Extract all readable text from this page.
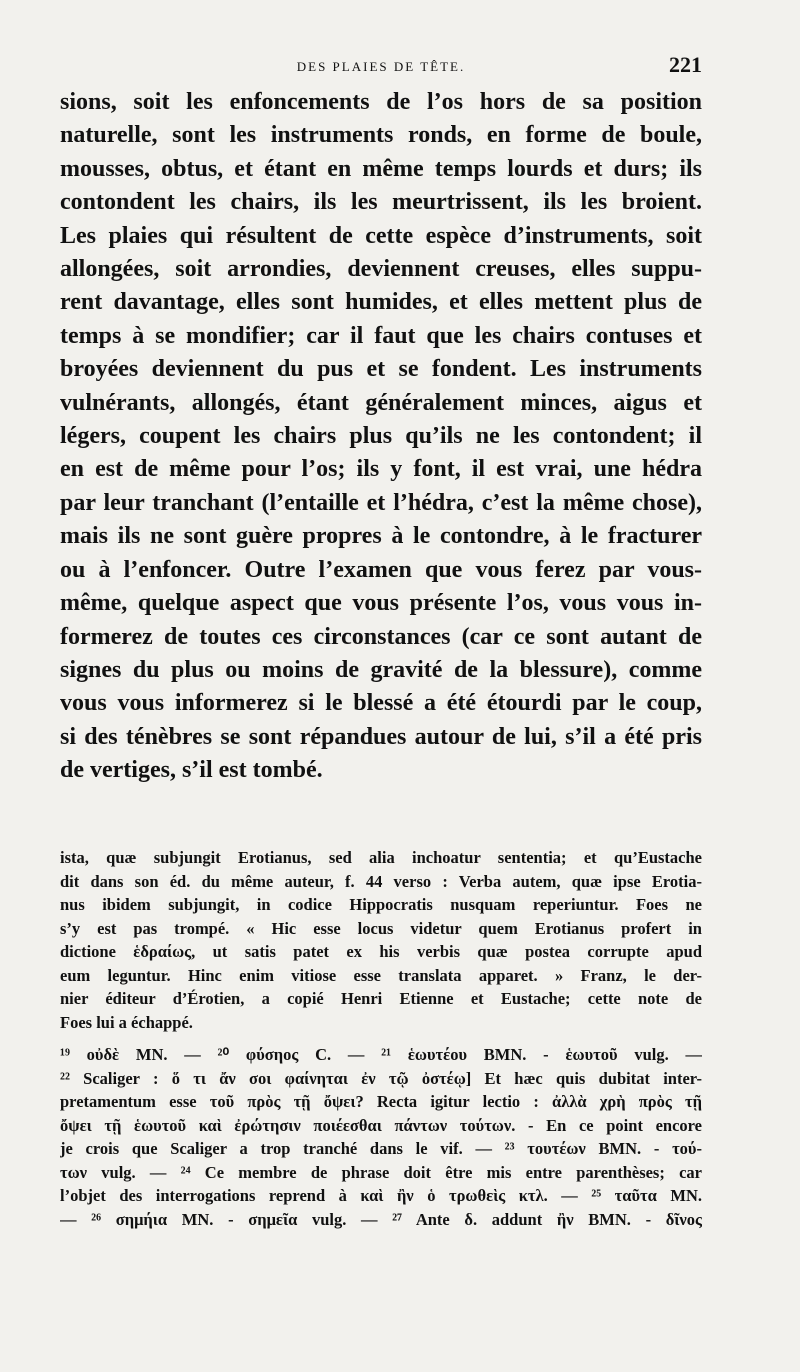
DES PLAIES DE TÊTE.	221
sions, soit les enfoncements de l’os hors de sa position
naturelle, sont les instruments ronds, en forme de boule,
mousses, obtus, et étant en même temps lourds et durs; ils
contondent les chairs, ils les meurtrissent, ils les broient.
Les plaies qui résultent de cette espèce d’instruments, soit
allongées, soit arrondies, deviennent creuses, elles suppu-
rent davantage, elles sont humides, et elles mettent plus de
temps à se mondifier; car il faut que les chairs contuses et
broyées deviennent du pus et se fondent. Les instruments
vulnérants, allongés, étant généralement minces, aigus et
légers, coupent les chairs plus qu’ils ne les contondent; il
en est de même pour l’os; ils y font, il est vrai, une hédra
par leur tranchant (l’entaille et l’hédra, c’est la même chose),
mais ils ne sont guère propres à le contondre, à le fracturer
ou à l’enfoncer. Outre l’examen que vous ferez par vous-
même, quelque aspect que vous présente l’os, vous vous in-
formerez de toutes ces circonstances (car ce sont autant de
signes du plus ou moins de gravité de la blessure), comme
vous vous informerez si le blessé a été étourdi par le coup,
si des ténèbres se sont répandues autour de lui, s’il a été pris
de vertiges, s’il est tombé.
ista, quæ subjungit Erotianus, sed alia inchoatur sententia; et qu’Eustache
dit dans son éd. du même auteur, f. 44 verso : Verba autem, quæ ipse Erotia-
nus ibidem subjungit, in codice Hippocratis nusquam reperiuntur. Foes ne
s’y est pas trompé. « Hic esse locus videtur quem Erotianus profert in
dictione ἑδραίως, ut satis patet ex his verbis quæ postea corrupte apud
eum leguntur. Hinc enim vitiose esse translata apparet. » Franz, le der-
nier éditeur d’Érotien, a copié Henri Etienne et Eustache; cette note de
Foes lui a échappé.
¹⁹ οὐδὲ MN. — ²⁰ φύσηος C. — ²¹ ἑωυτέου BMN. - ἑωυτοῦ vulg. —
²² Scaliger : ὅ τι ἄν σοι φαίνηται ἐν τῷ ὀστέῳ] Et hæc quis dubitat inter-
pretamentum esse τοῦ πρὸς τῇ ὄψει? Recta igitur lectio : ἀλλὰ χρὴ πρὸς τῇ
ὄψει τῇ ἑωυτοῦ καὶ ἐρώτησιν ποιέεσθαι πάντων τούτων. - En ce point encore
je crois que Scaliger a trop tranché dans le vif. — ²³ τουτέων BMN. - τού-
των vulg. — ²⁴ Ce membre de phrase doit être mis entre parenthèses; car
l’objet des interrogations reprend à καὶ ἢν ὁ τρωθεὶς κτλ. — ²⁵ ταῦτα MN.
— ²⁶ σημήια MN. - σημεῖα vulg. — ²⁷ Ante δ. addunt ἢν BMN. - δῖνος
